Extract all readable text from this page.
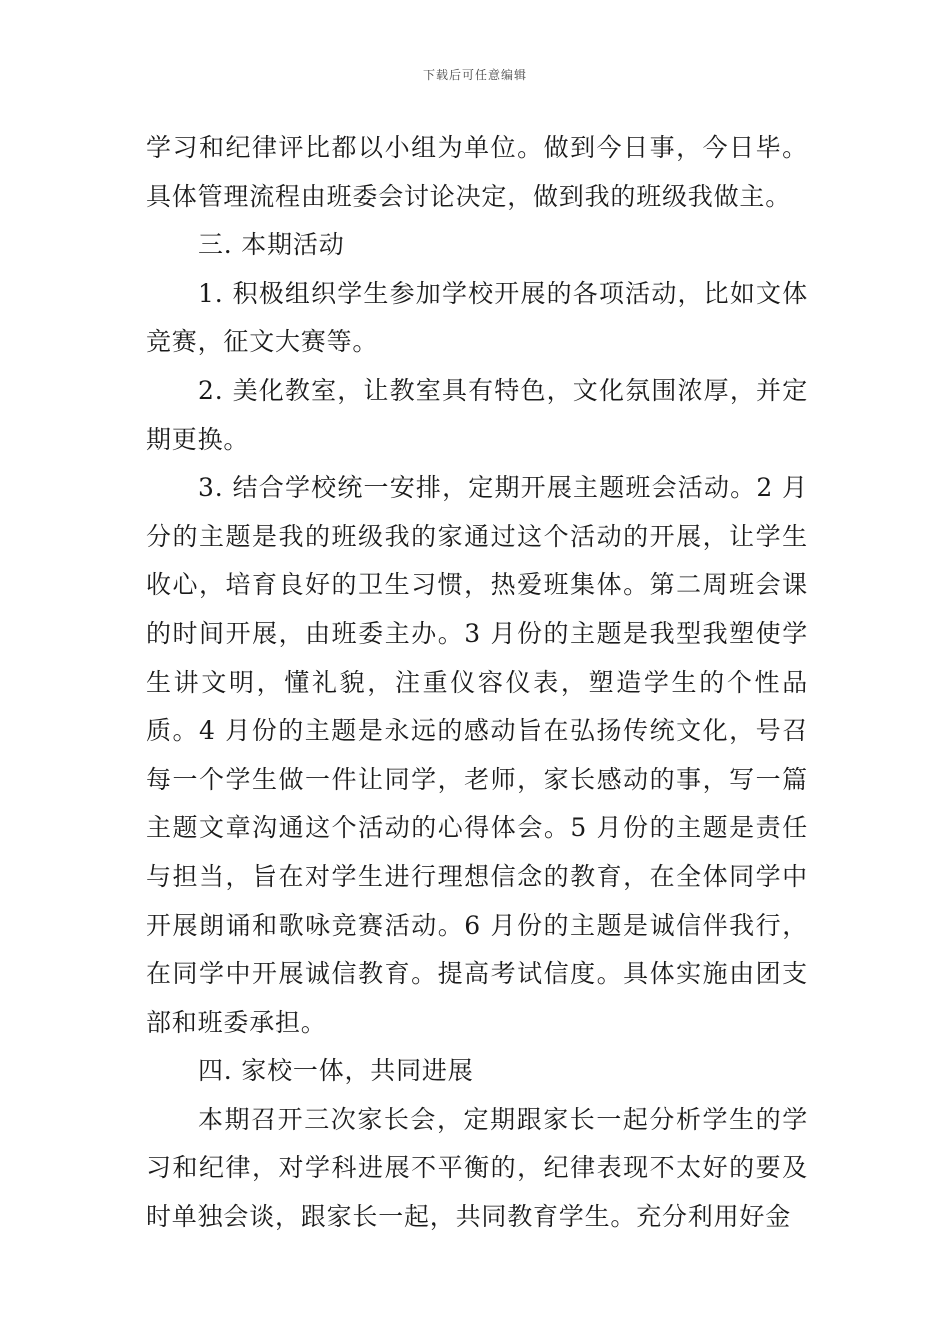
下载后可任意编辑

学习和纪律评比都以小组为单位。做到今日事，今日毕。具体管理流程由班委会讨论决定，做到我的班级我做主。

三. 本期活动

1. 积极组织学生参加学校开展的各项活动，比如文体竞赛，征文大赛等。

2. 美化教室，让教室具有特色，文化氛围浓厚，并定期更换。

3. 结合学校统一安排，定期开展主题班会活动。2 月分的主题是我的班级我的家通过这个活动的开展，让学生收心，培育良好的卫生习惯，热爱班集体。第二周班会课的时间开展，由班委主办。3 月份的主题是我型我塑使学生讲文明，懂礼貌，注重仪容仪表，塑造学生的个性品质。4 月份的主题是永远的感动旨在弘扬传统文化，号召每一个学生做一件让同学，老师，家长感动的事，写一篇主题文章沟通这个活动的心得体会。5 月份的主题是责任与担当，旨在对学生进行理想信念的教育，在全体同学中开展朗诵和歌咏竞赛活动。6 月份的主题是诚信伴我行，在同学中开展诚信教育。提高考试信度。具体实施由团支部和班委承担。

四. 家校一体，共同进展

本期召开三次家长会，定期跟家长一起分析学生的学习和纪律，对学科进展不平衡的，纪律表现不太好的要及时单独会谈，跟家长一起，共同教育学生。充分利用好金
